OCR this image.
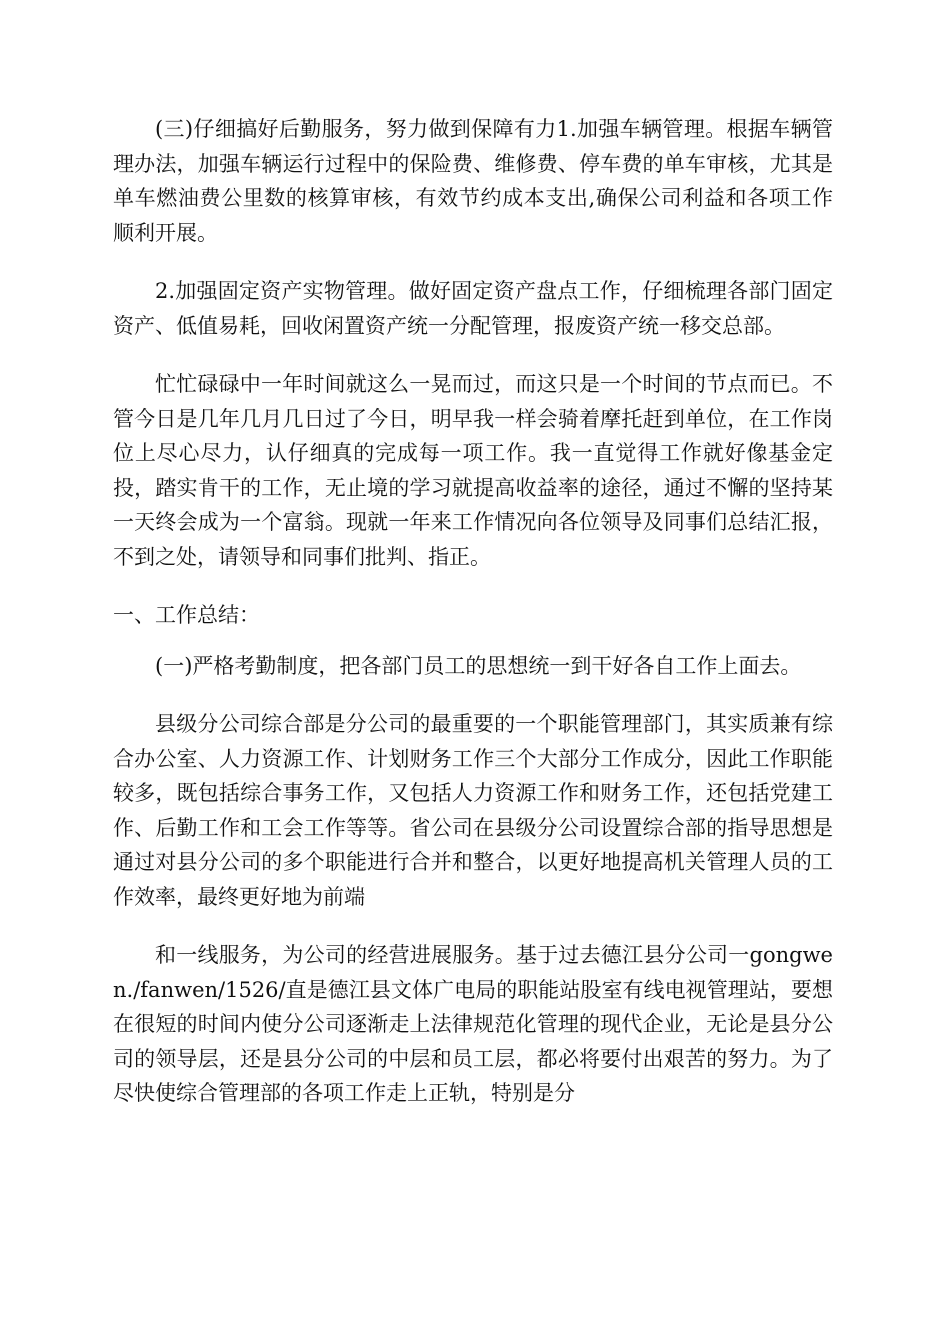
(三)仔细搞好后勤服务，努力做到保障有力1.加强车辆管理。根据车辆管理办法，加强车辆运行过程中的保险费、维修费、停车费的单车审核，尤其是单车燃油费公里数的核算审核，有效节约成本支出,确保公司利益和各项工作顺利开展。

2.加强固定资产实物管理。做好固定资产盘点工作，仔细梳理各部门固定资产、低值易耗，回收闲置资产统一分配管理，报废资产统一移交总部。

忙忙碌碌中一年时间就这么一晃而过，而这只是一个时间的节点而已。不管今日是几年几月几日过了今日，明早我一样会骑着摩托赶到单位，在工作岗位上尽心尽力，认仔细真的完成每一项工作。我一直觉得工作就好像基金定投，踏实肯干的工作，无止境的学习就提高收益率的途径，通过不懈的坚持某一天终会成为一个富翁。现就一年来工作情况向各位领导及同事们总结汇报，不到之处，请领导和同事们批判、指正。

一、工作总结：

(一)严格考勤制度，把各部门员工的思想统一到干好各自工作上面去。

县级分公司综合部是分公司的最重要的一个职能管理部门，其实质兼有综合办公室、人力资源工作、计划财务工作三个大部分工作成分，因此工作职能较多，既包括综合事务工作，又包括人力资源工作和财务工作，还包括党建工作、后勤工作和工会工作等等。省公司在县级分公司设置综合部的指导思想是通过对县分公司的多个职能进行合并和整合，以更好地提高机关管理人员的工作效率，最终更好地为前端

和一线服务，为公司的经营进展服务。基于过去德江县分公司一gongwen./fanwen/1526/直是德江县文体广电局的职能站股室有线电视管理站，要想在很短的时间内使分公司逐渐走上法律规范化管理的现代企业，无论是县分公司的领导层，还是县分公司的中层和员工层，都必将要付出艰苦的努力。为了尽快使综合管理部的各项工作走上正轨，特别是分
